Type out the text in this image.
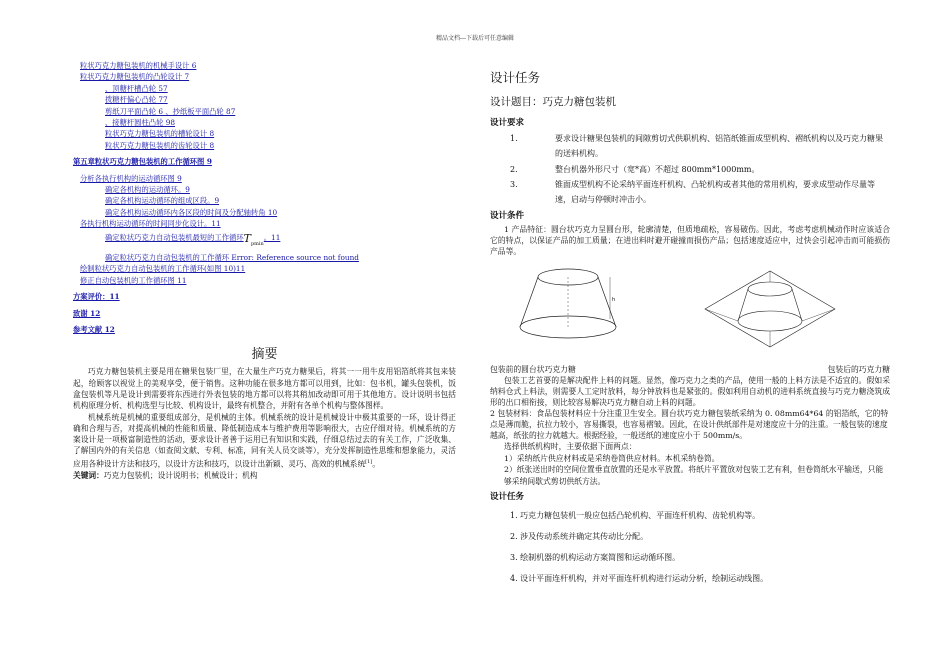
精品文档---下载后可任意编辑
粒状巧克力糖包装机的机械手设计 6
粒状巧克力糖包装机的凸轮设计 7
、顶糖杆槽凸轮 57
拨糖杆偏心凸轮 77
剪纸刀平面凸轮 6 、抄纸板平面凸轮 87
、接糖杆圆柱凸轮 98
粒状巧克力糖包装机的槽轮设计 8
粒状巧克力糖包装机的齿轮设计 8
第五章粒状巧克力糖包装机的工作循环图 9
分析各执行机构的运动循环图 9
确定各机构的运动循环。9
确定各机构运动循环的组成区段。9
确定各机构运动循环内各区段的时间及分配轴转角 10
各执行机构运动循环的时间同步化设计。11
确定粒状巧克力自动包装机最短的工作循环$T_{pmin}$。11
确定粒状巧克力自动包装机的工作循环 Error: Reference source not found
绘制粒状巧克力自动包装机的工作循环(如图 10)11
修正自动包装机的工作循环图 11
方案评价：11
致谢 12
参考文献 12
摘要

巧克力糖包装机主要是用在糖果包装厂里，在大量生产巧克力糖果后，将其一一用牛皮用铝箔纸将其包来装起，给顾客以视觉上的美观享受，便于销售。这种功能在很多地方都可以用到，比如：包书机，罐头包装机，饭盒包装机等凡是设计到需要将东西进行外表包装的地方都可以将其稍加改动即可用于其他地方。设计说明书包括机构原理分析、机构选型与比较、机构设计，最终有机整合，并附有各单个机构与整体图样。

机械系统是机械的重要组成部分，是机械的主体。机械系统的设计是机械设计中极其重要的一环，设计得正确和合理与否，对提高机械的性能和质量、降低制造成本与维护费用等影响很大，古应仔细对待。机械系统的方案设计是一项极富制造性的活动，要求设计者善于运用已有知识和实践，仔细总结过去的有关工作，广泛收集、了解国内外的有关信息（如查阅文献、专利、标准，同有关人员交谈等），充分发挥制造性思维和想象能力，灵活应用各种设计方法和技巧，以设计方法和技巧，以设计出新颖、灵巧、高效的机械系统[1]。

关键词：巧克力包装机；设计说明书；机械设计；机构

设计任务
设计题目：巧克力糖包装机
设计要求
1.	要求设计糖果包装机的间隙剪切式供职机构、铝箔纸锥面成型机构、褶纸机构以及巧克力糖果的送料机构。
2.	整台机器外形尺寸（宽*高）不超过 800mm*1000mm。
3.	锥面成型机构不论采纳平面连杆机构、凸轮机构或者其他的常用机构，要求成型动作尽量等速，启动与停顿时冲击小。
设计条件

1 产品特征：圆台状巧克力呈圆台形，轮廓清楚，但质地疏松，容易破伤。因此，考虑考虑机械动作时应该适合它的特点，以保证产品的加工质量；在进出料时避开碰撞而损伤产品；包括速度适应中，过快会引起冲击而可能损伤产品等。

h
包装前的圆台状巧克力糖	包装后的巧克力糖

包装工艺首要的是解决配件上料的问题。显然，像巧克力之类的产品，使用一般的上料方法是不适宜的。假如采纳料仓式上料法，则需要人工定时放料，每分钟放料也是紧张的。假如利用自动机的进料系统直接与巧克力糖浇筑成形的出口相衔接，则比较容易解决巧克力糖自动上料的问题。

2 包装材料：食品包装材料应十分注重卫生安全。圆台状巧克力糖包装纸采纳为 0. 08mm64*64 的铝箔纸，它的特点是薄而脆，抗拉力较小，容易撕裂，也容易褶皱。因此，在设计供纸部件是对速度应十分的注重。一般包装的速度越高，纸张的拉力就越大。根据经验，一般送纸的速度应小于 500mm/s。

选择供纸机构时，主要依据下面两点：

1）采纳纸片供应材料或是采纳卷筒供应材料。本机采纳卷筒。

2）纸张送出时的空间位置垂直放置的还是水平放置。将纸片平置放对包装工艺有利，但卷筒纸水平输送，只能够采纳间歇式剪切供纸方法。

设计任务

1. 巧克力糖包装机一般应包括凸轮机构、平面连杆机构、齿轮机构等。

2. 涉及传动系统并确定其传动比分配。

3. 绘制机器的机构运动方案简图和运动循环图。

4. 设计平面连杆机构，并对平面连杆机构进行运动分析，绘制运动线图。
